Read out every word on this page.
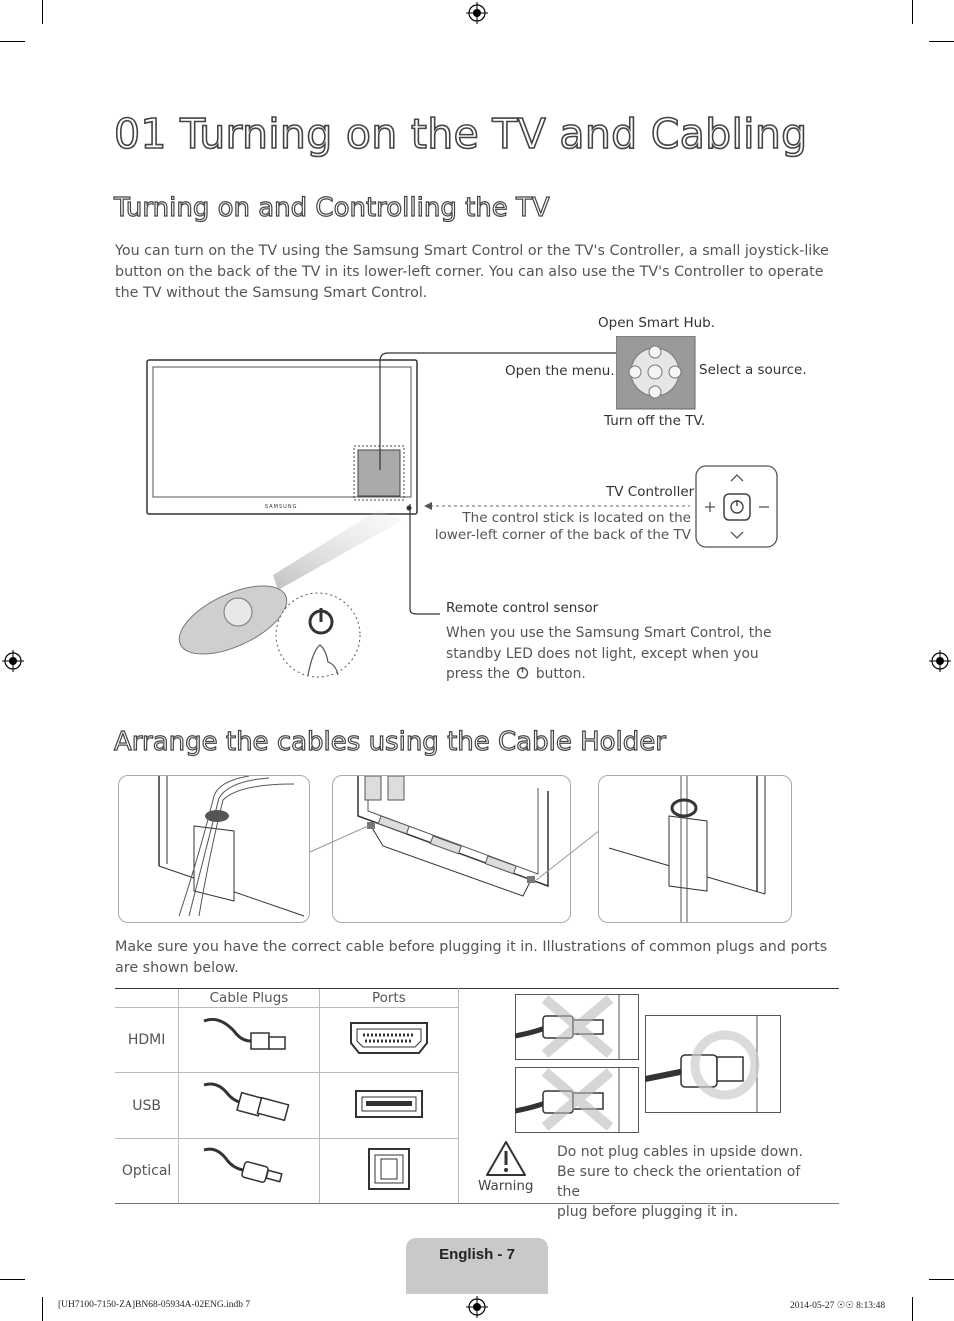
01 Turning on the TV and Cabling
Turning on and Controlling the TV
You can turn on the TV using the Samsung Smart Control or the TV's Controller, a small joystick-like button on the back of the TV in its lower-left corner. You can also use the TV's Controller to operate the TV without the Samsung Smart Control.
SAMSUNG
Open Smart Hub.
Open the menu.	Select a source.
Turn off the TV.
TV Controller
The control stick is located on the
lower-left corner of the back of the TV
Remote control sensor
When you use the Samsung Smart Control, the
standby LED does not light, except when you
press the button.
Arrange the cables using the Cable Holder
Make sure you have the correct cable before plugging it in. Illustrations of common plugs and ports are shown below.
	Cable Plugs	Ports
HDMI		
USB		
Optical		
Warning
Do not plug cables in upside down.
Be sure to check the orientation of the
plug before plugging it in.
English - 7
[UH7100-7150-ZA]BN68-05934A-02ENG.indb 7	2014-05-27 ☉☉ 8:13:48
